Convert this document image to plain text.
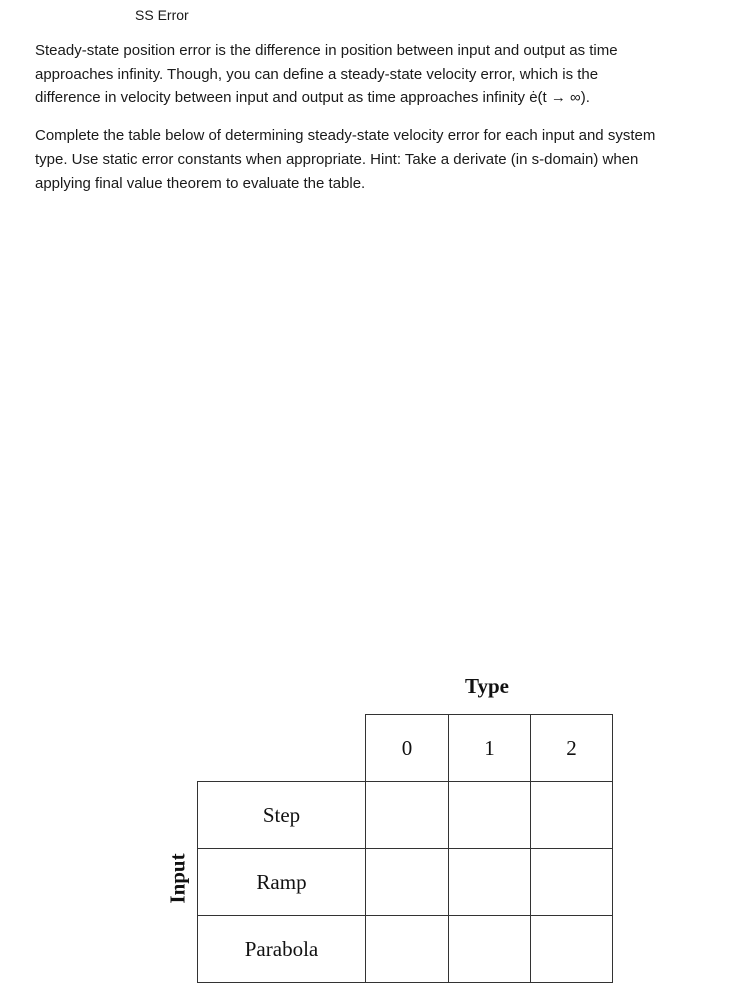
SS Error
Steady-state position error is the difference in position between input and output as time
approaches infinity. Though, you can define a steady-state velocity error, which is the
difference in velocity between input and output as time approaches infinity ė(t → ∞).
Complete the table below of determining steady-state velocity error for each input and system
type. Use static error constants when appropriate. Hint: Take a derivate (in s-domain) when
applying final value theorem to evaluate the table.
Type
Input
0	1	2
Step
Ramp
Parabola
